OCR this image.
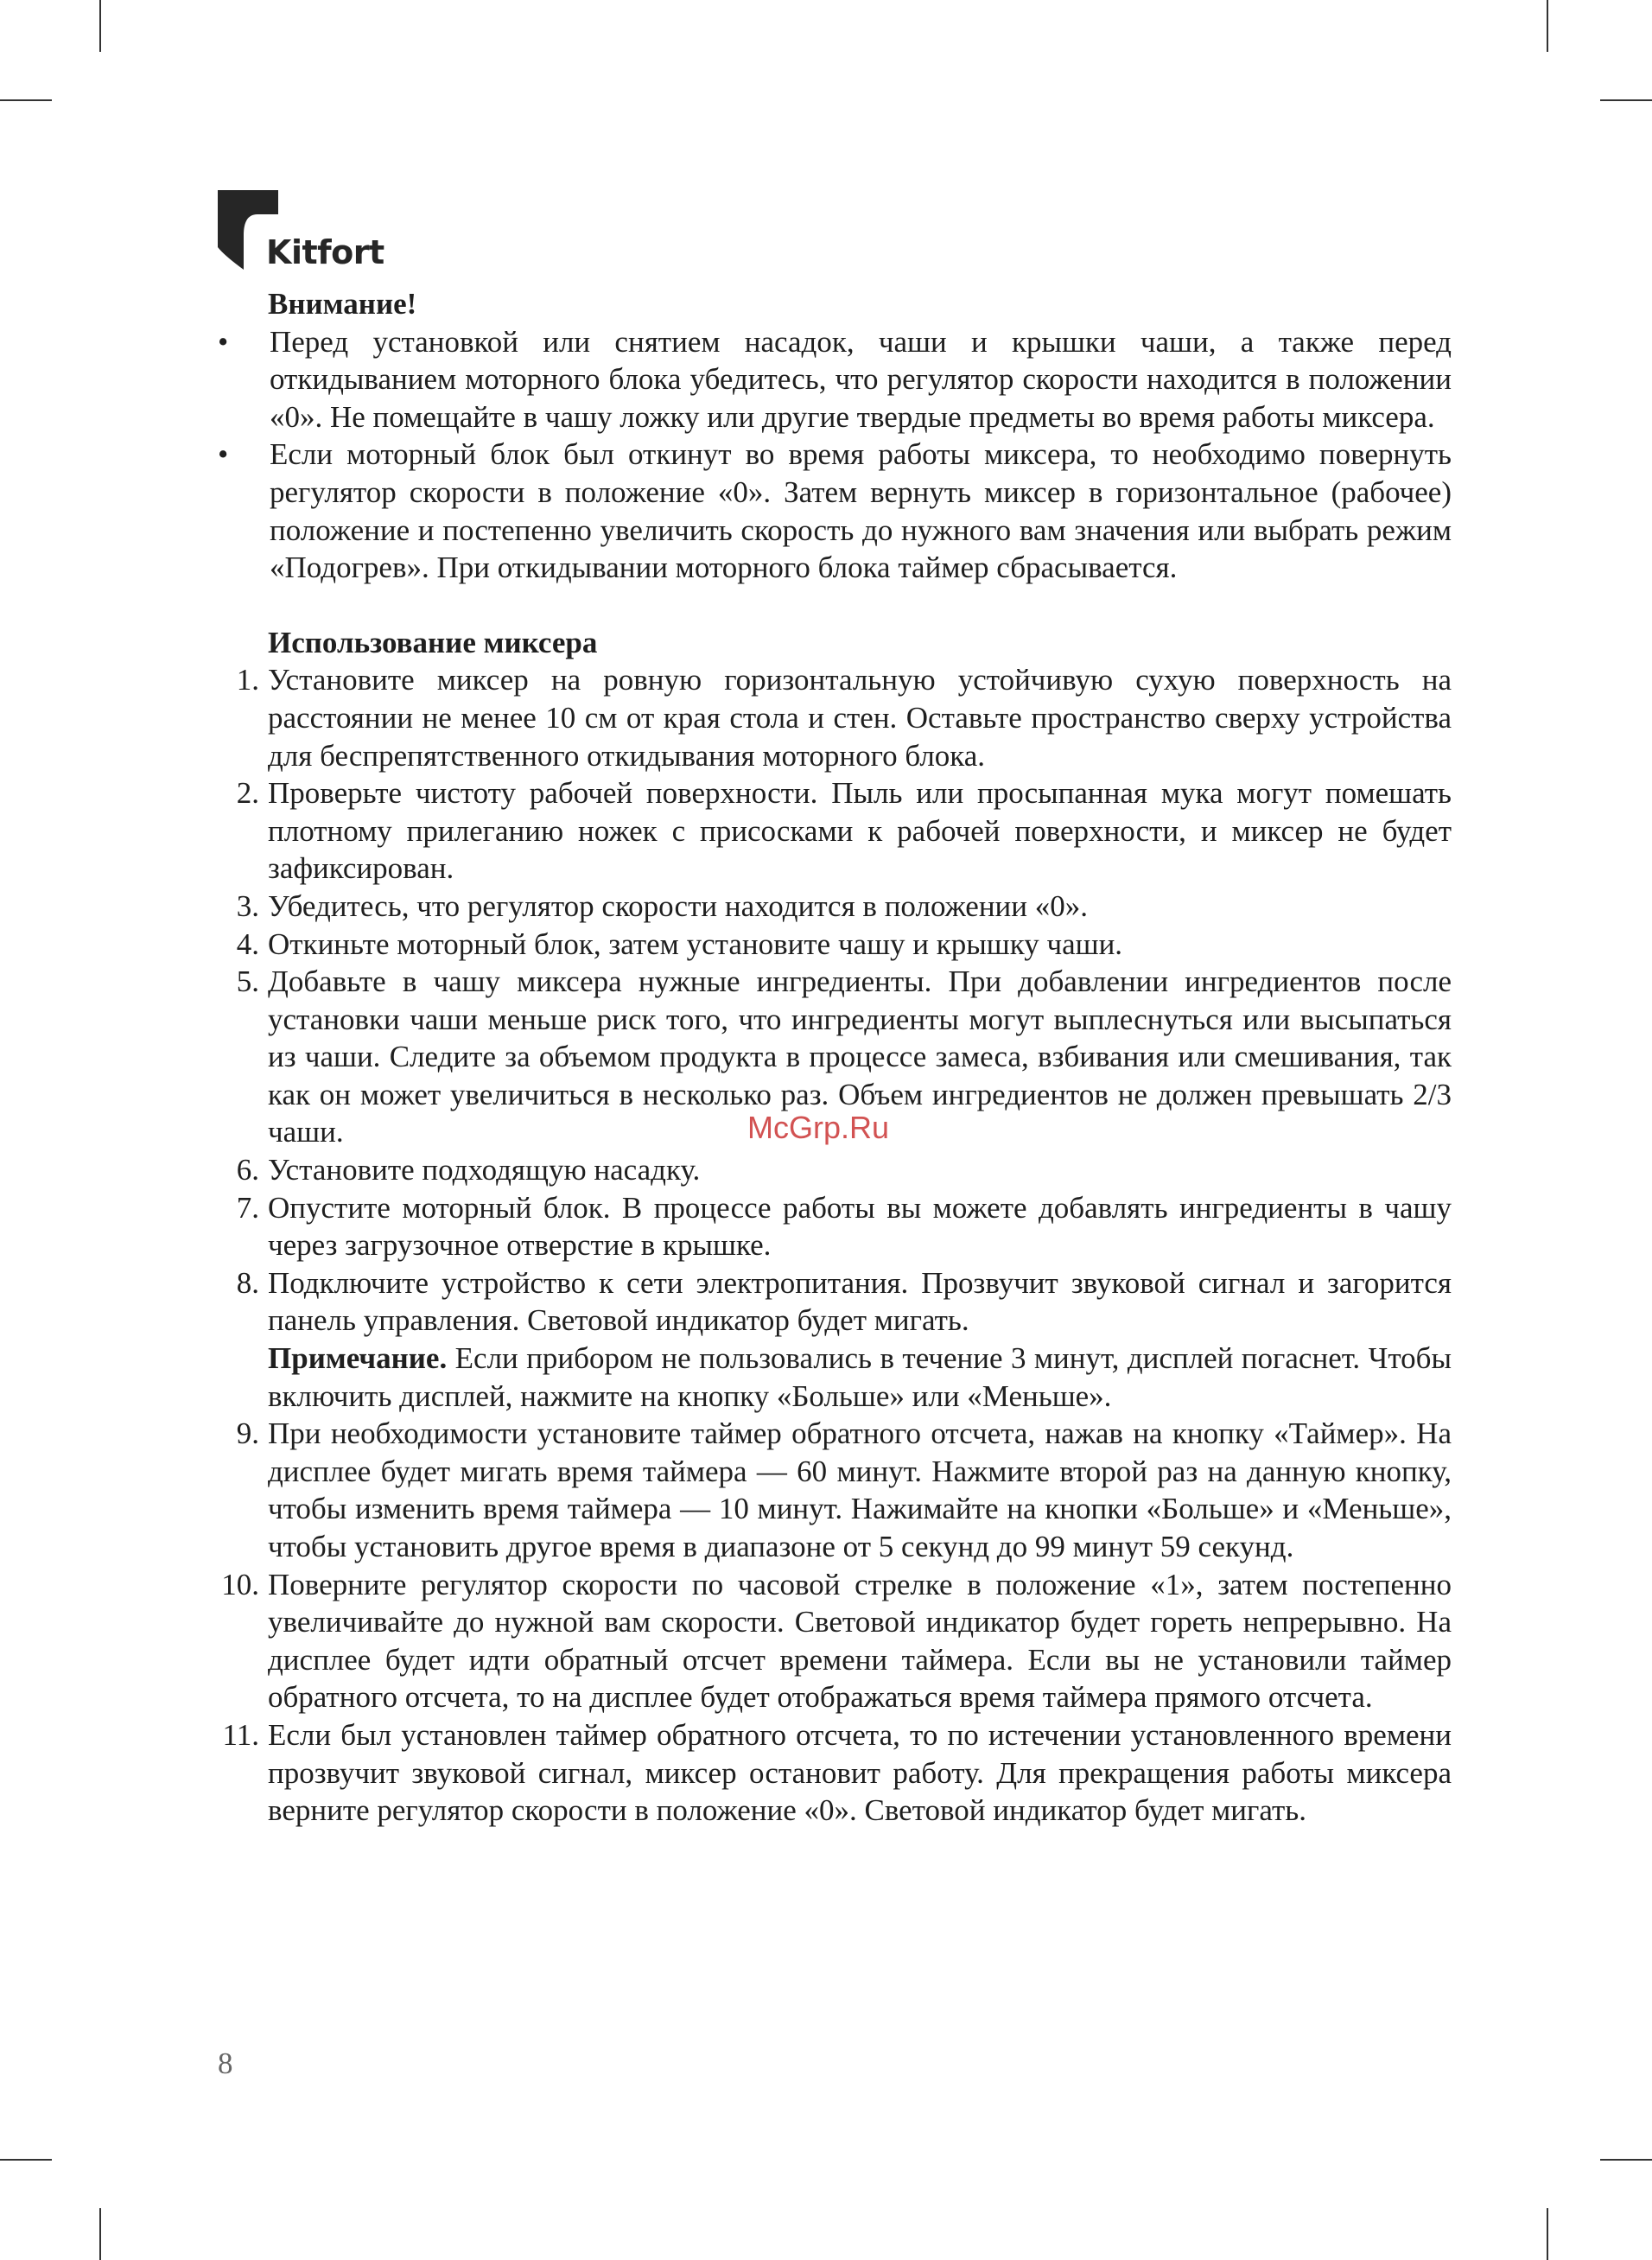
Kitfort
Внимание!
•	Перед установкой или снятием насадок, чаши и крышки чаши, а также перед откидыванием моторного блока убедитесь, что регулятор скорости находится в положении «0». Не помещайте в чашу ложку или другие твердые предметы во время работы миксера.
•	Если моторный блок был откинут во время работы миксера, то необходимо повернуть регулятор скорости в положение «0». Затем вернуть миксер в горизонтальное (рабочее) положение и постепенно увеличить скорость до нужного вам значения или выбрать режим «Подогрев». При откидывании моторного блока таймер сбрасывается.
Использование миксера
1. Установите миксер на ровную горизонтальную устойчивую сухую поверхность на расстоянии не менее 10 см от края стола и стен. Оставьте пространство сверху устройства для беспрепятственного откидывания моторного блока.
2. Проверьте чистоту рабочей поверхности. Пыль или просыпанная мука могут помешать плотному прилеганию ножек с присосками к рабочей поверхности, и миксер не будет зафиксирован.
3. Убедитесь, что регулятор скорости находится в положении «0».
4. Откиньте моторный блок, затем установите чашу и крышку чаши.
5. Добавьте в чашу миксера нужные ингредиенты. При добавлении ингредиентов после установки чаши меньше риск того, что ингредиенты могут выплеснуться или высыпаться из чаши. Следите за объемом продукта в процессе замеса, взбивания или смешивания, так как он может увеличиться в несколько раз. Объем ингредиентов не должен превышать 2/3 чаши.
6. Установите подходящую насадку.
7. Опустите моторный блок. В процессе работы вы можете добавлять ингредиенты в чашу через загрузочное отверстие в крышке.
8. Подключите устройство к сети электропитания. Прозвучит звуковой сигнал и загорится панель управления. Световой индикатор будет мигать.
Примечание. Если прибором не пользовались в течение 3 минут, дисплей погаснет. Чтобы включить дисплей, нажмите на кнопку «Больше» или «Меньше».
9. При необходимости установите таймер обратного отсчета, нажав на кнопку «Таймер». На дисплее будет мигать время таймера — 60 минут. Нажмите второй раз на данную кнопку, чтобы изменить время таймера — 10 минут. Нажимайте на кнопки «Больше» и «Меньше», чтобы установить другое время в диапазоне от 5 секунд до 99 минут 59 секунд.
10. Поверните регулятор скорости по часовой стрелке в положение «1», затем постепенно увеличивайте до нужной вам скорости. Световой индикатор будет гореть непрерывно. На дисплее будет идти обратный отсчет времени таймера. Если вы не установили таймер обратного отсчета, то на дисплее будет отображаться время таймера прямого отсчета.
11. Если был установлен таймер обратного отсчета, то по истечении установленного времени прозвучит звуковой сигнал, миксер остановит работу. Для прекращения работы миксера верните регулятор скорости в положение «0». Световой индикатор будет мигать.
McGrp.Ru
8
